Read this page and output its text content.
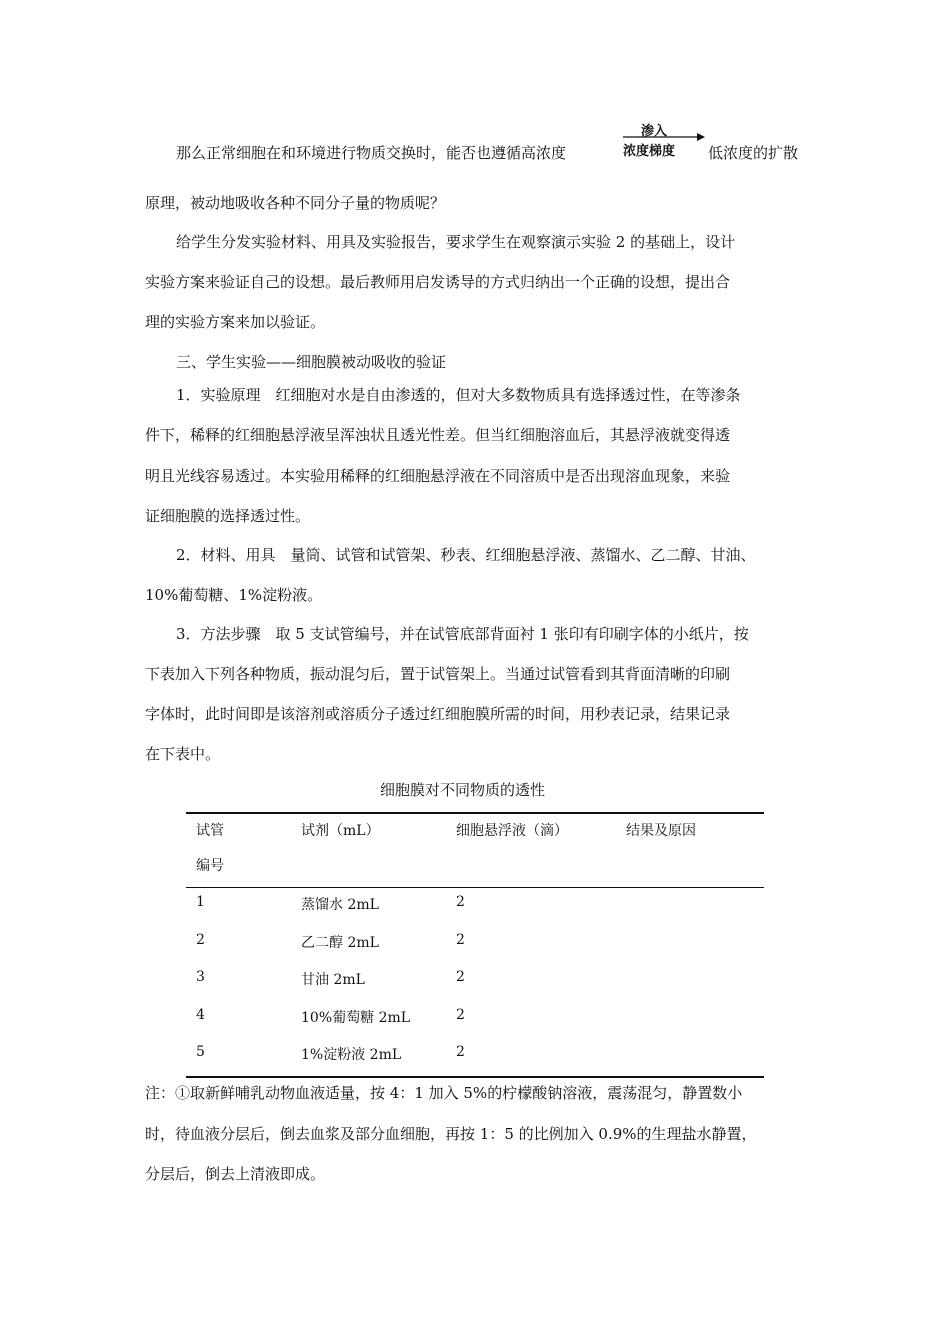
那么正常细胞在和环境进行物质交换时，能否也遵循高浓度
渗入
浓度梯度 低浓度的扩散
原理，被动地吸收各种不同分子量的物质呢？
给学生分发实验材料、用具及实验报告，要求学生在观察演示实验 2 的基础上，设计
实验方案来验证自己的设想。最后教师用启发诱导的方式归纳出一个正确的设想，提出合
理的实验方案来加以验证。
三、学生实验——细胞膜被动吸收的验证
1．实验原理　红细胞对水是自由渗透的，但对大多数物质具有选择透过性，在等渗条
件下，稀释的红细胞悬浮液呈浑浊状且透光性差。但当红细胞溶血后，其悬浮液就变得透
明且光线容易透过。本实验用稀释的红细胞悬浮液在不同溶质中是否出现溶血现象，来验
证细胞膜的选择透过性。
2．材料、用具　量筒、试管和试管架、秒表、红细胞悬浮液、蒸馏水、乙二醇、甘油、
10%葡萄糖、1%淀粉液。
3．方法步骤　取 5 支试管编号，并在试管底部背面衬 1 张印有印刷字体的小纸片，按
下表加入下列各种物质，振动混匀后，置于试管架上。当通过试管看到其背面清晰的印刷
字体时，此时间即是该溶剂或溶质分子透过红细胞膜所需的时间，用秒表记录，结果记录
在下表中。
细胞膜对不同物质的透性
试管
编号
试剂（mL）	细胞悬浮液（滴）	结果及原因
1	蒸馏水 2mL	2
2	乙二醇 2mL	2
3	甘油 2mL	2
4	10%葡萄糖 2mL	2
5	1%淀粉液 2mL	2
注：①取新鲜哺乳动物血液适量，按 4：1 加入 5%的柠檬酸钠溶液，震荡混匀，静置数小
时，待血液分层后，倒去血浆及部分血细胞，再按 1：5 的比例加入 0.9%的生理盐水静置，
分层后，倒去上清液即成。
